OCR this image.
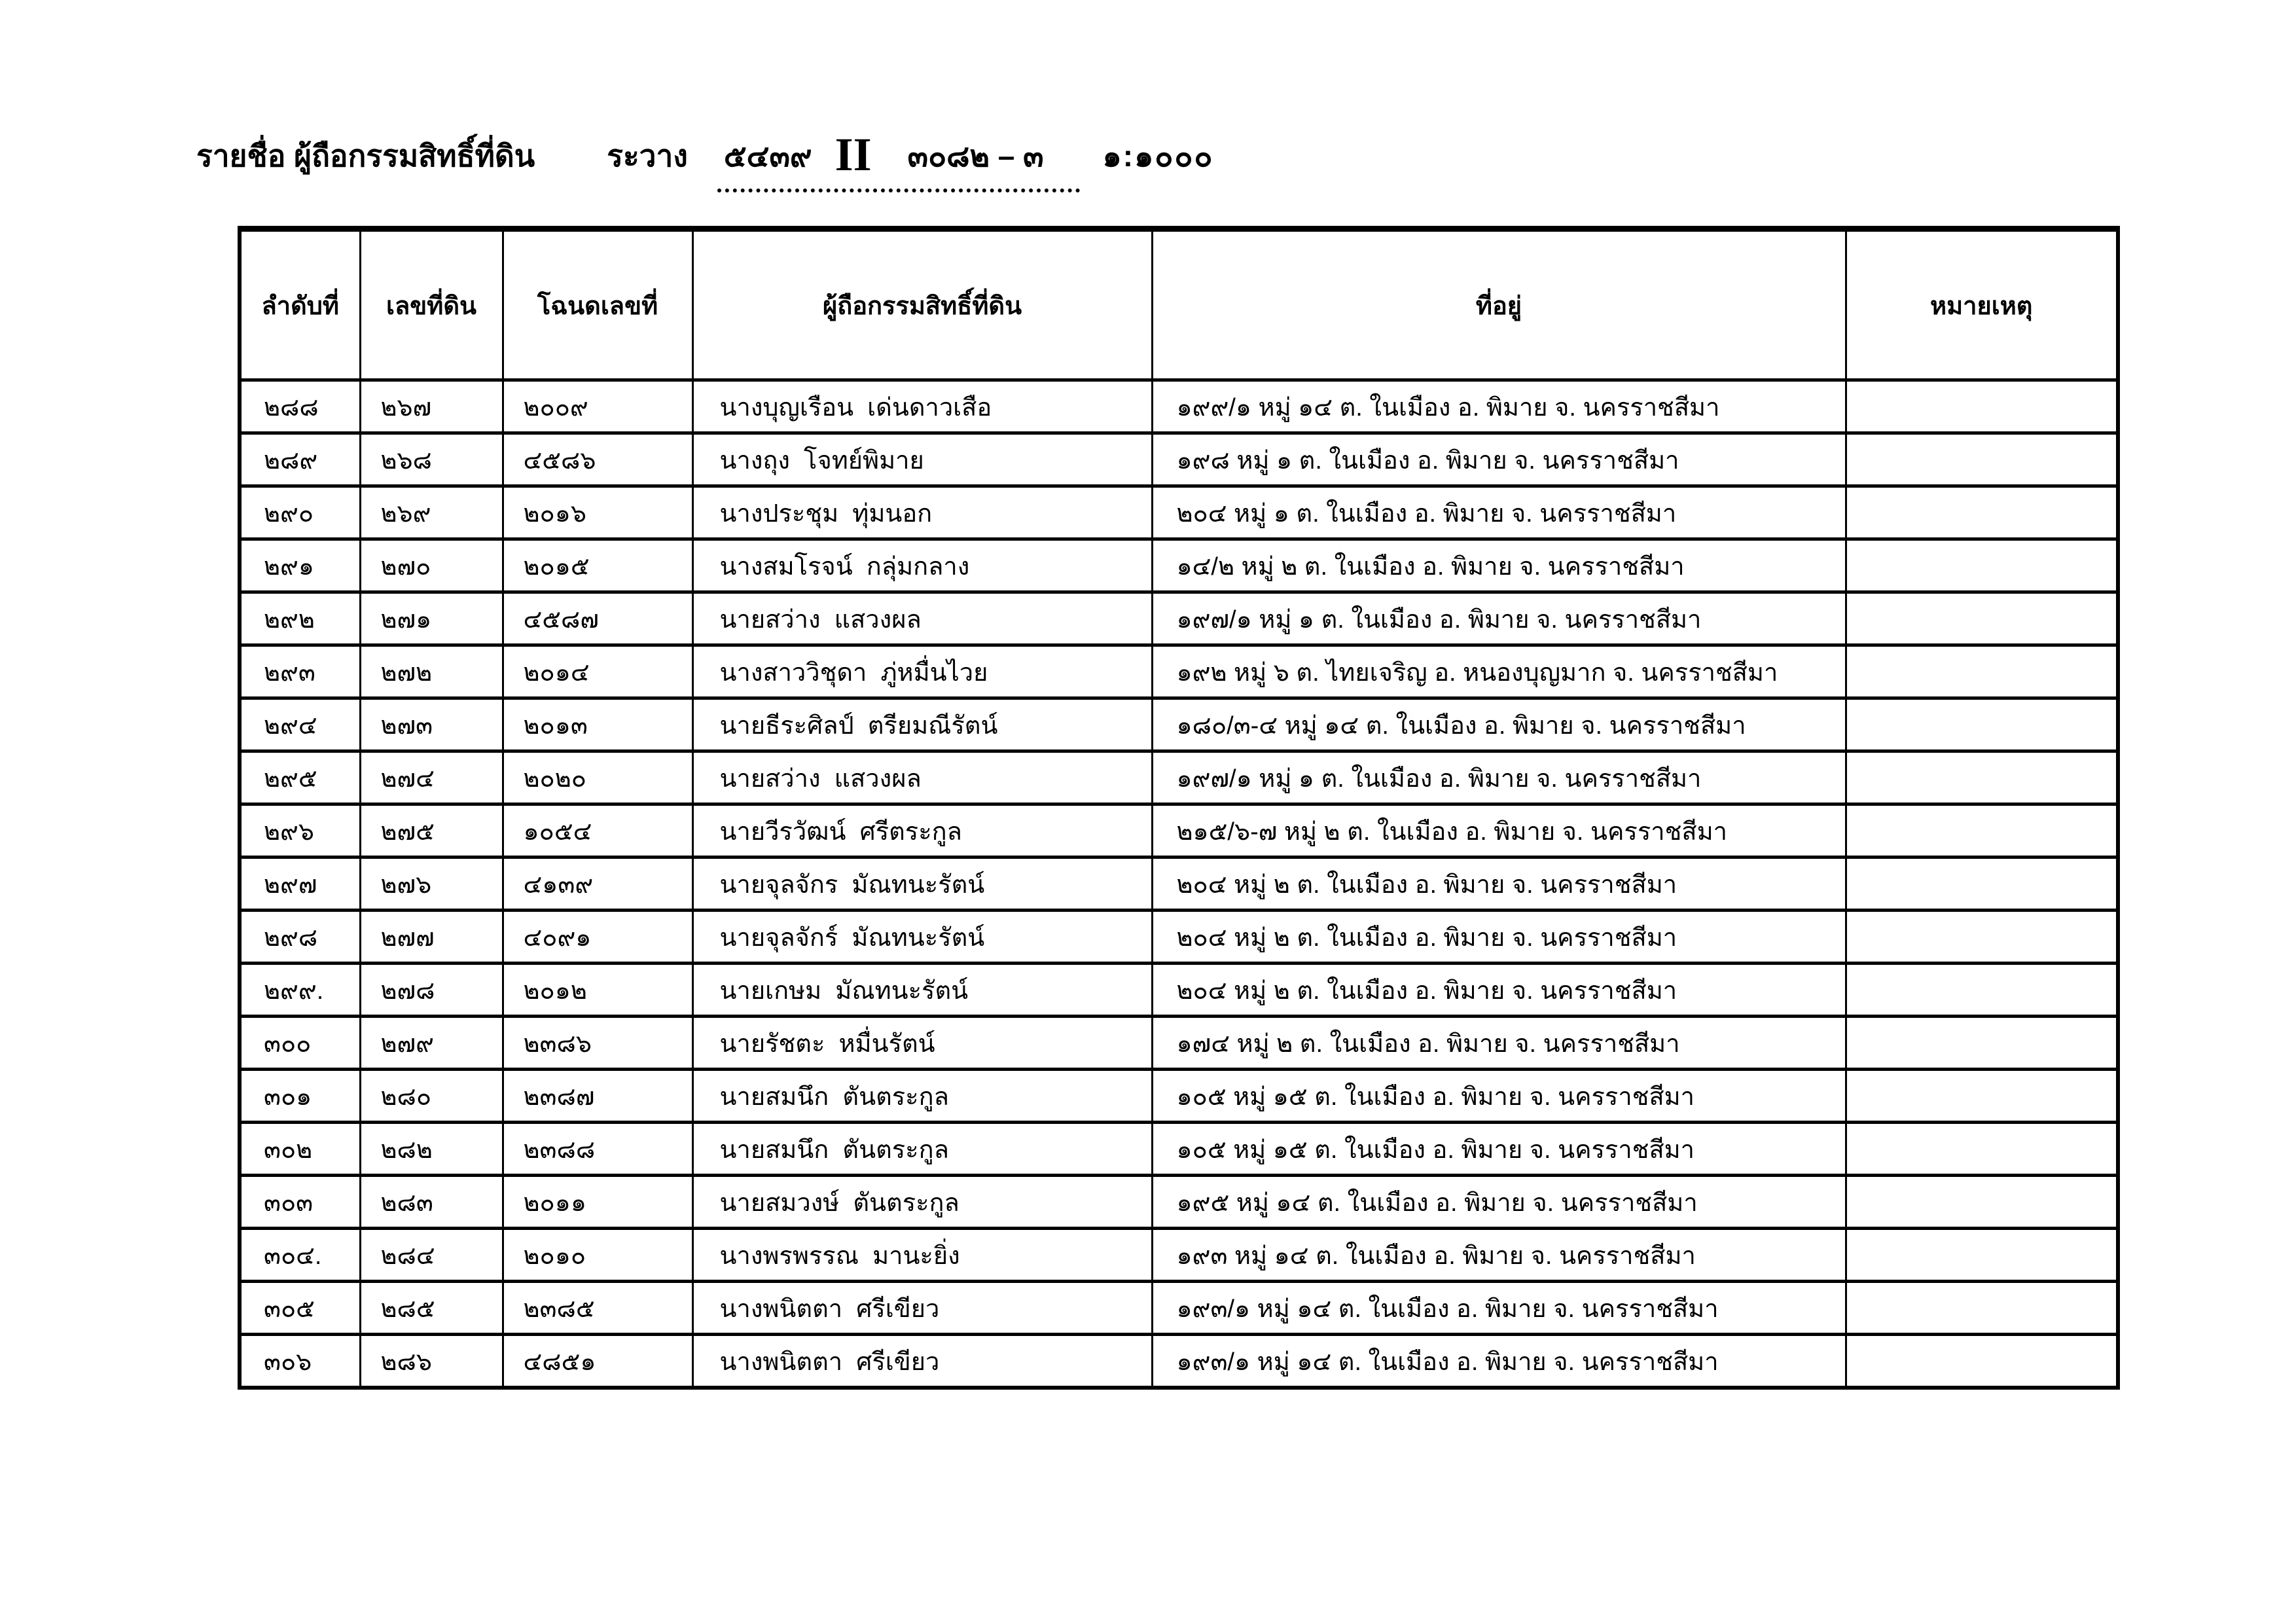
รายชื่อ ผู้ถือกรรมสิทธิ์ที่ดิน ระวาง ๕๔๓๙ II ๓๐๘๒ – ๓ ๑:๑๐๐๐
ลำดับที่	เลขที่ดิน	โฉนดเลขที่	ผู้ถือกรรมสิทธิ์ที่ดิน	ที่อยู่	หมายเหตุ
๒๘๘	๒๖๗	๒๐๐๙	นางบุญเรือน  เด่นดาวเสือ	๑๙๙/๑ หมู่ ๑๔ ต. ในเมือง อ. พิมาย จ. นครราชสีมา	
๒๘๙	๒๖๘	๔๕๘๖	นางถุง  โจทย์พิมาย	๑๙๘ หมู่ ๑ ต. ในเมือง อ. พิมาย จ. นครราชสีมา	
๒๙๐	๒๖๙	๒๐๑๖	นางประชุม  ทุ่มนอก	๒๐๔ หมู่ ๑ ต. ในเมือง อ. พิมาย จ. นครราชสีมา	
๒๙๑	๒๗๐	๒๐๑๕	นางสมโรจน์  กลุ่มกลาง	๑๔/๒ หมู่ ๒ ต. ในเมือง อ. พิมาย จ. นครราชสีมา	
๒๙๒	๒๗๑	๔๕๘๗	นายสว่าง  แสวงผล	๑๙๗/๑ หมู่ ๑ ต. ในเมือง อ. พิมาย จ. นครราชสีมา	
๒๙๓	๒๗๒	๒๐๑๔	นางสาววิชุดา  ภู่หมื่นไวย	๑๙๒ หมู่ ๖ ต. ไทยเจริญ อ. หนองบุญมาก จ. นครราชสีมา	
๒๙๔	๒๗๓	๒๐๑๓	นายธีระศิลป์  ตรียมณีรัตน์	๑๘๐/๓-๔ หมู่ ๑๔ ต. ในเมือง อ. พิมาย จ. นครราชสีมา	
๒๙๕	๒๗๔	๒๐๒๐	นายสว่าง  แสวงผล	๑๙๗/๑ หมู่ ๑ ต. ในเมือง อ. พิมาย จ. นครราชสีมา	
๒๙๖	๒๗๕	๑๐๕๔	นายวีรวัฒน์  ศรีตระกูล	๒๑๕/๖-๗ หมู่ ๒ ต. ในเมือง อ. พิมาย จ. นครราชสีมา	
๒๙๗	๒๗๖	๔๑๓๙	นายจุลจักร  มัณทนะรัตน์	๒๐๔ หมู่ ๒ ต. ในเมือง อ. พิมาย จ. นครราชสีมา	
๒๙๘	๒๗๗	๔๐๙๑	นายจุลจักร์  มัณทนะรัตน์	๒๐๔ หมู่ ๒ ต. ในเมือง อ. พิมาย จ. นครราชสีมา	
๒๙๙.	๒๗๘	๒๐๑๒	นายเกษม  มัณทนะรัตน์	๒๐๔ หมู่ ๒ ต. ในเมือง อ. พิมาย จ. นครราชสีมา	
๓๐๐	๒๗๙	๒๓๘๖	นายรัชตะ  หมื่นรัตน์	๑๗๔ หมู่ ๒ ต. ในเมือง อ. พิมาย จ. นครราชสีมา	
๓๐๑	๒๘๐	๒๓๘๗	นายสมนึก  ตันตระกูล	๑๐๕ หมู่ ๑๕ ต. ในเมือง อ. พิมาย จ. นครราชสีมา	
๓๐๒	๒๘๒	๒๓๘๘	นายสมนึก  ตันตระกูล	๑๐๕ หมู่ ๑๕ ต. ในเมือง อ. พิมาย จ. นครราชสีมา	
๓๐๓	๒๘๓	๒๐๑๑	นายสมวงษ์  ตันตระกูล	๑๙๕ หมู่ ๑๔ ต. ในเมือง อ. พิมาย จ. นครราชสีมา	
๓๐๔.	๒๘๔	๒๐๑๐	นางพรพรรณ  มานะยิ่ง	๑๙๓ หมู่ ๑๔ ต. ในเมือง อ. พิมาย จ. นครราชสีมา	
๓๐๕	๒๘๕	๒๓๘๕	นางพนิตตา  ศรีเขียว	๑๙๓/๑ หมู่ ๑๔ ต. ในเมือง อ. พิมาย จ. นครราชสีมา	
๓๐๖	๒๘๖	๔๘๕๑	นางพนิตตา  ศรีเขียว	๑๙๓/๑ หมู่ ๑๔ ต. ในเมือง อ. พิมาย จ. นครราชสีมา	
